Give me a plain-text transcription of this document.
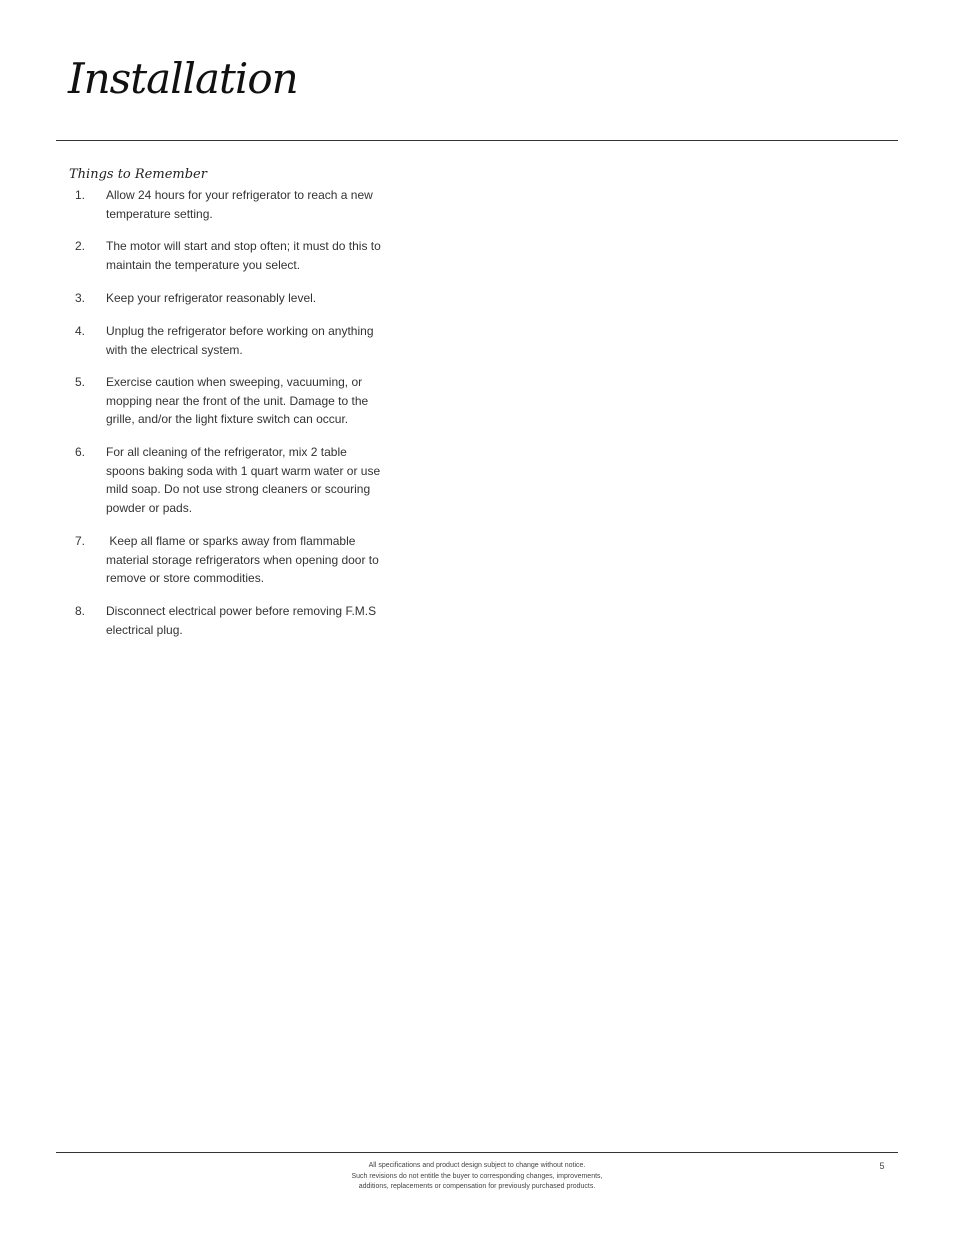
Installation
Things to Remember
1. Allow 24 hours for your refrigerator to reach a new temperature setting.
2. The motor will start and stop often; it must do this to maintain the temperature you select.
3. Keep your refrigerator reasonably level.
4. Unplug the refrigerator before working on anything with the electrical system.
5. Exercise caution when sweeping, vacuuming, or mopping near the front of the unit. Damage to the grille, and/or the light fixture switch can occur.
6. For all cleaning of the refrigerator, mix 2 table spoons baking soda with 1 quart warm water or use mild soap. Do not use strong cleaners or scouring powder or pads.
7. Keep all flame or sparks away from flammable material storage refrigerators when opening door to remove or store commodities.
8. Disconnect electrical power before removing F.M.S electrical plug.
All specifications and product design subject to change without notice.
Such revisions do not entitle the buyer to corresponding changes, improvements,
additions, replacements or compensation for previously purchased products.
5
